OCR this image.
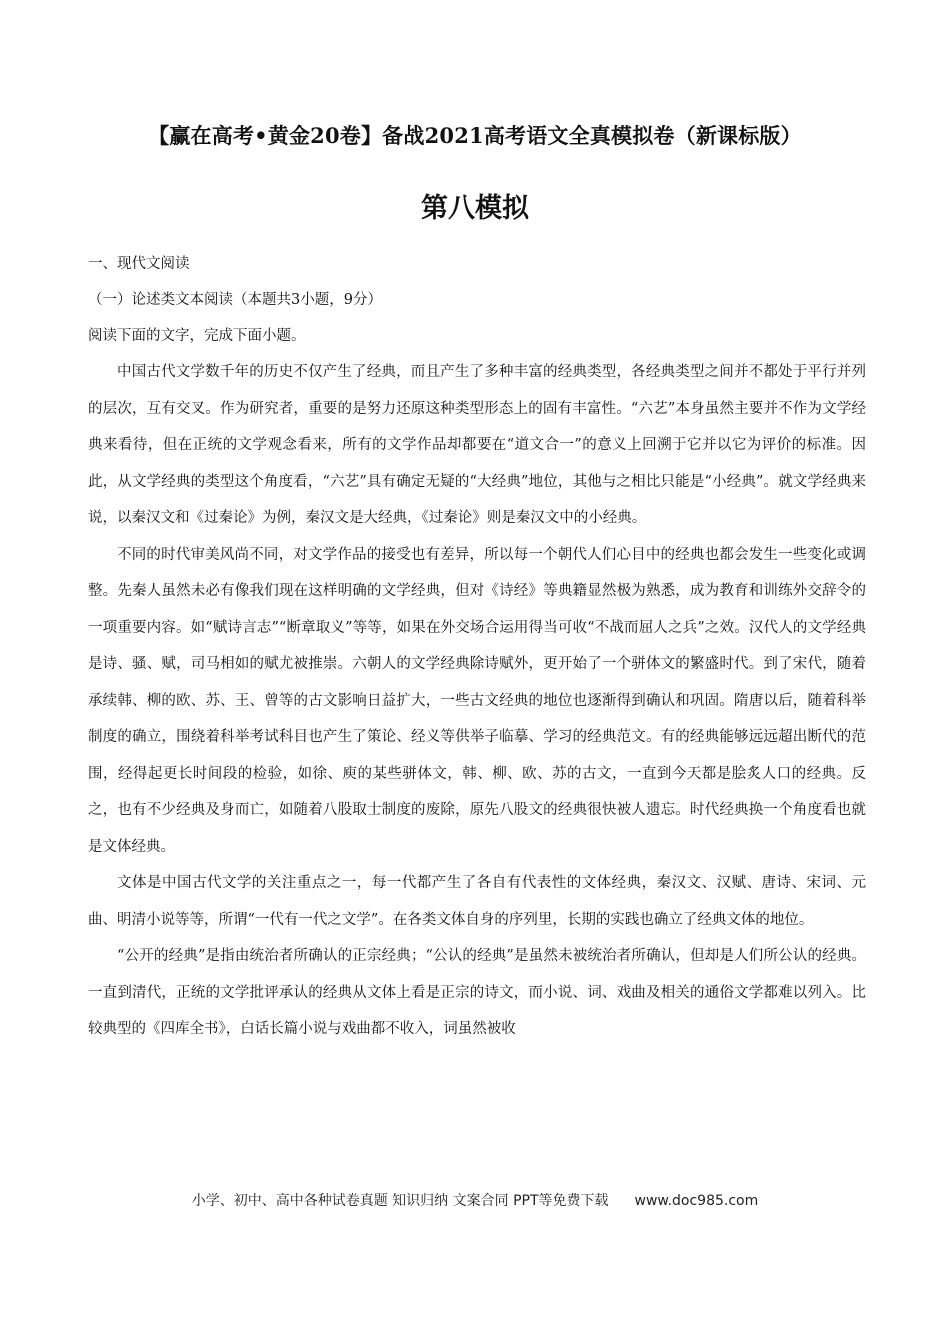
【赢在高考•黄金20卷】备战2021高考语文全真模拟卷（新课标版）
第八模拟

一、现代文阅读

（一）论述类文本阅读（本题共3小题，9分）

阅读下面的文字，完成下面小题。

中国古代文学数千年的历史不仅产生了经典，而且产生了多种丰富的经典类型，各经典类型之间并不都处于平行并列的层次，互有交叉。作为研究者，重要的是努力还原这种类型形态上的固有丰富性。“六艺”本身虽然主要并不作为文学经典来看待，但在正统的文学观念看来，所有的文学作品却都要在“道文合一”的意义上回溯于它并以它为评价的标准。因此，从文学经典的类型这个角度看，“六艺”具有确定无疑的“大经典”地位，其他与之相比只能是“小经典”。就文学经典来说，以秦汉文和《过秦论》为例，秦汉文是大经典，《过秦论》则是秦汉文中的小经典。

不同的时代审美风尚不同，对文学作品的接受也有差异，所以每一个朝代人们心目中的经典也都会发生一些变化或调整。先秦人虽然未必有像我们现在这样明确的文学经典，但对《诗经》等典籍显然极为熟悉，成为教育和训练外交辞令的一项重要内容。如“赋诗言志”“断章取义”等等，如果在外交场合运用得当可收“不战而屈人之兵”之效。汉代人的文学经典是诗、骚、赋，司马相如的赋尤被推崇。六朝人的文学经典除诗赋外，更开始了一个骈体文的繁盛时代。到了宋代，随着承续韩、柳的欧、苏、王、曾等的古文影响日益扩大，一些古文经典的地位也逐渐得到确认和巩固。隋唐以后，随着科举制度的确立，围绕着科举考试科目也产生了策论、经义等供举子临摹、学习的经典范文。有的经典能够远远超出断代的范围，经得起更长时间段的检验，如徐、庾的某些骈体文，韩、柳、欧、苏的古文，一直到今天都是脍炙人口的经典。反之，也有不少经典及身而亡，如随着八股取士制度的废除，原先八股文的经典很快被人遗忘。时代经典换一个角度看也就是文体经典。

文体是中国古代文学的关注重点之一，每一代都产生了各自有代表性的文体经典，秦汉文、汉赋、唐诗、宋词、元曲、明清小说等等，所谓“一代有一代之文学”。在各类文体自身的序列里，长期的实践也确立了经典文体的地位。

“公开的经典”是指由统治者所确认的正宗经典；“公认的经典”是虽然未被统治者所确认，但却是人们所公认的经典。一直到清代，正统的文学批评承认的经典从文体上看是正宗的诗文，而小说、词、戏曲及相关的通俗文学都难以列入。比较典型的《四库全书》，白话长篇小说与戏曲都不收入，词虽然被收

小学、初中、高中各种试卷真题 知识归纳 文案合同 PPT等免费下载 www.doc985.com
